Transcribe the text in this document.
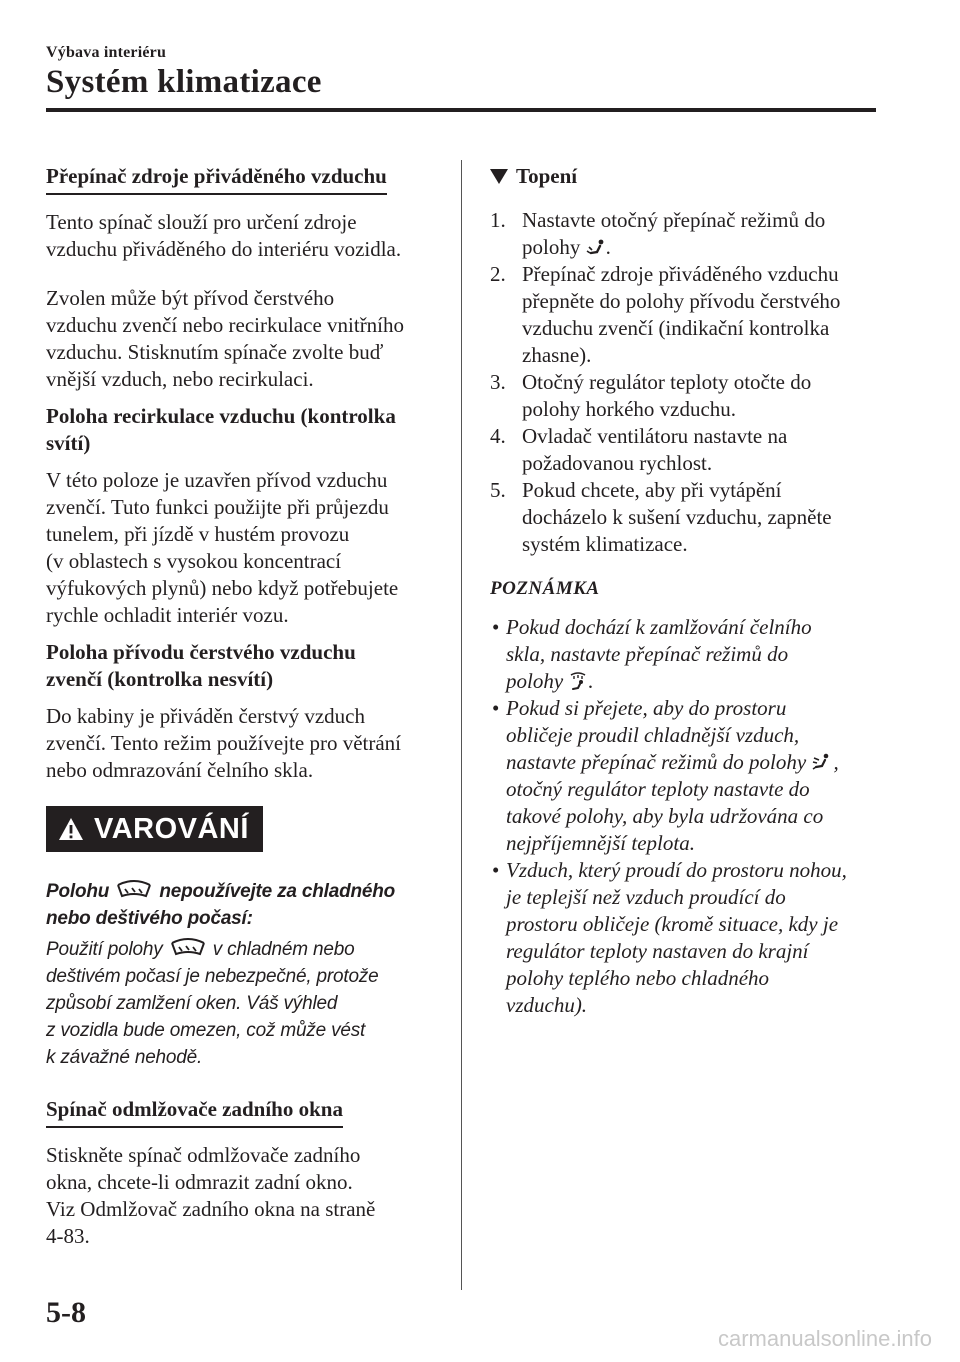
Výbava interiéru
Systém klimatizace
Přepínač zdroje přiváděného vzduchu
Tento spínač slouží pro určení zdroje
vzduchu přiváděného do interiéru vozidla.
Zvolen může být přívod čerstvého
vzduchu zvenčí nebo recirkulace vnitřního
vzduchu. Stisknutím spínače zvolte buď
vnější vzduch, nebo recirkulaci.
Poloha recirkulace vzduchu (kontrolka
svítí)
V této poloze je uzavřen přívod vzduchu
zvenčí. Tuto funkci použijte při průjezdu
tunelem, při jízdě v hustém provozu
(v oblastech s vysokou koncentrací
výfukových plynů) nebo když potřebujete
rychle ochladit interiér vozu.
Poloha přívodu čerstvého vzduchu
zvenčí (kontrolka nesvítí)
Do kabiny je přiváděn čerstvý vzduch
zvenčí. Tento režim používejte pro větrání
nebo odmrazování čelního skla.
VAROVÁNÍ
Polohu	nepoužívejte za chladného
nebo deštivého počasí:
Použití polohy	v chladném nebo
deštivém počasí je nebezpečné, protože
způsobí zamlžení oken. Váš výhled
z vozidla bude omezen, což může vést
k závažné nehodě.
Spínač odmlžovače zadního okna
Stiskněte spínač odmlžovače zadního
okna, chcete-li odmrazit zadní okno.
Viz Odmlžovač zadního okna na straně
4-83.
Topení
1. Nastavte otočný přepínač režimů do
polohy .
2. Přepínač zdroje přiváděného vzduchu
přepněte do polohy přívodu čerstvého
vzduchu zvenčí (indikační kontrolka
zhasne).
3. Otočný regulátor teploty otočte do
polohy horkého vzduchu.
4. Ovladač ventilátoru nastavte na
požadovanou rychlost.
5. Pokud chcete, aby při vytápění
docházelo k sušení vzduchu, zapněte
systém klimatizace.
POZNÁMKA
• Pokud dochází k zamlžování čelního
skla, nastavte přepínač režimů do
polohy .
• Pokud si přejete, aby do prostoru
obličeje proudil chladnější vzduch,
nastavte přepínač režimů do polohy ,
otočný regulátor teploty nastavte do
takové polohy, aby byla udržována co
nejpříjemnější teplota.
• Vzduch, který proudí do prostoru nohou,
je teplejší než vzduch proudící do
prostoru obličeje (kromě situace, kdy je
regulátor teploty nastaven do krajní
polohy teplého nebo chladného
vzduchu).
5-8
carmanualsonline.info
